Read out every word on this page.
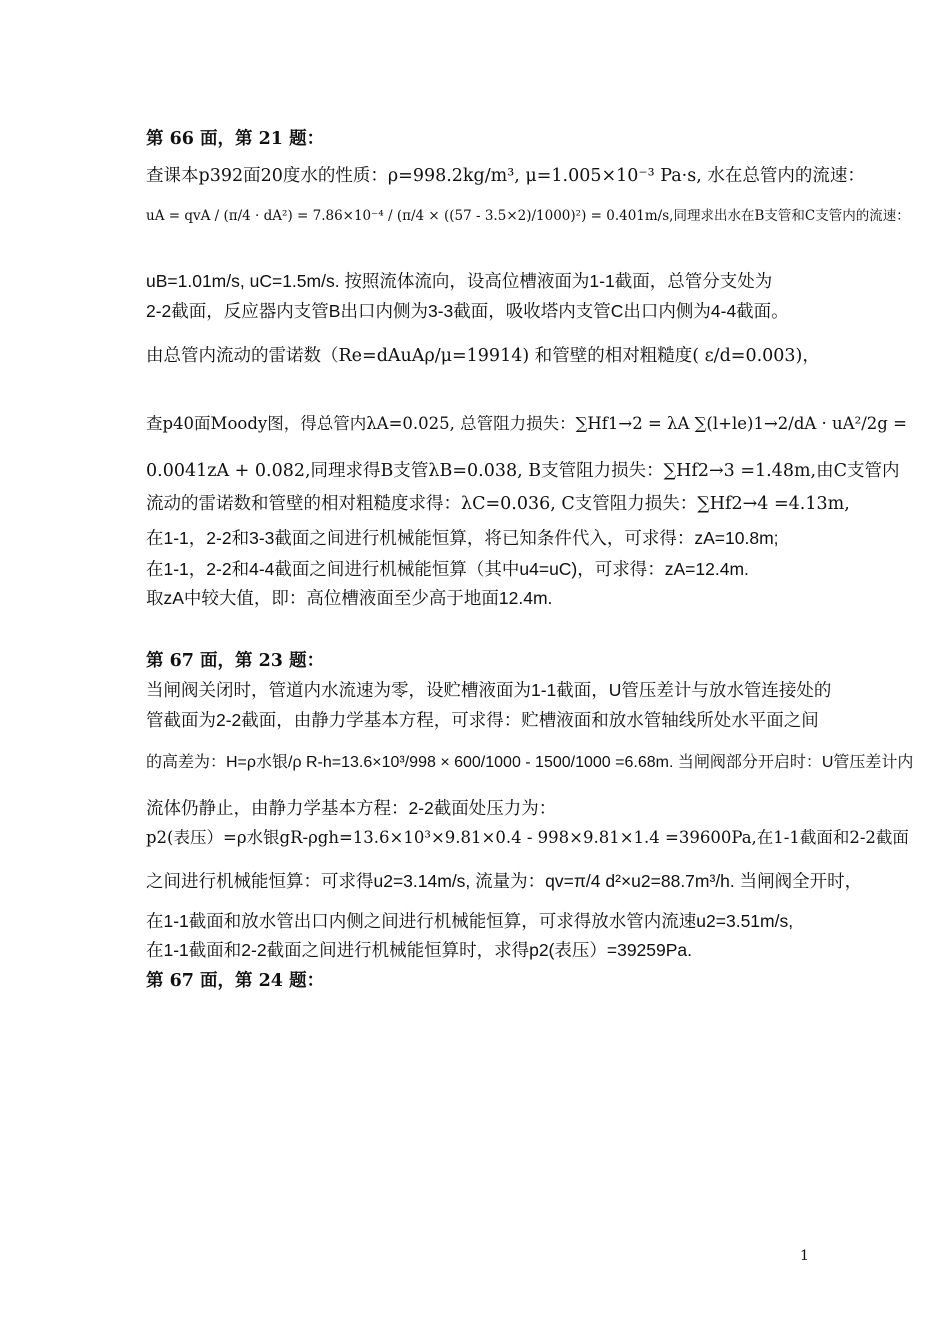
第 66 面，第 21 题：
查课本p392面20度水的性质：ρ=998.2kg/m³, μ=1.005×10⁻³ Pa·s, 水在总管内的流速：
uA = qvA / (π/4 · dA²) = 7.86×10⁻⁴ / (π/4 × ((57 - 3.5×2)/1000)²) = 0.401m/s,同理求出水在B支管和C支管内的流速：
uB=1.01m/s, uC=1.5m/s. 按照流体流向，设高位槽液面为1-1截面，总管分支处为
2-2截面，反应器内支管B出口内侧为3-3截面，吸收塔内支管C出口内侧为4-4截面。
由总管内流动的雷诺数（Re=dAuAρ/μ=19914) 和管壁的相对粗糙度( ε/d=0.003)，
查p40面Moody图，得总管内λA=0.025, 总管阻力损失：∑Hf1→2 = λA ∑(l+le)1→2/dA · uA²/2g =
0.0041zA + 0.082,同理求得B支管λB=0.038, B支管阻力损失：∑Hf2→3 =1.48m,由C支管内
流动的雷诺数和管壁的相对粗糙度求得：λC=0.036, C支管阻力损失：∑Hf2→4 =4.13m,
在1-1，2-2和3-3截面之间进行机械能恒算，将已知条件代入，可求得：zA=10.8m;
在1-1，2-2和4-4截面之间进行机械能恒算（其中u4=uC)，可求得：zA=12.4m.
取zA中较大值，即：高位槽液面至少高于地面12.4m.
第 67 面，第 23 题：
当闸阀关闭时，管道内水流速为零，设贮槽液面为1-1截面，U管压差计与放水管连接处的
管截面为2-2截面，由静力学基本方程，可求得：贮槽液面和放水管轴线所处水平面之间
的高差为：H=ρ水银/ρ R-h=13.6×10³/998 × 600/1000 - 1500/1000 =6.68m. 当闸阀部分开启时：U管压差计内
流体仍静止，由静力学基本方程：2-2截面处压力为：
p2(表压）=ρ水银gR-ρgh=13.6×10³×9.81×0.4 - 998×9.81×1.4 =39600Pa,在1-1截面和2-2截面
之间进行机械能恒算：可求得u2=3.14m/s, 流量为：qv=π/4 d²×u2=88.7m³/h. 当闸阀全开时，
在1-1截面和放水管出口内侧之间进行机械能恒算，可求得放水管内流速u2=3.51m/s,
在1-1截面和2-2截面之间进行机械能恒算时，求得p2(表压）=39259Pa.
第 67 面，第 24 题：
1
